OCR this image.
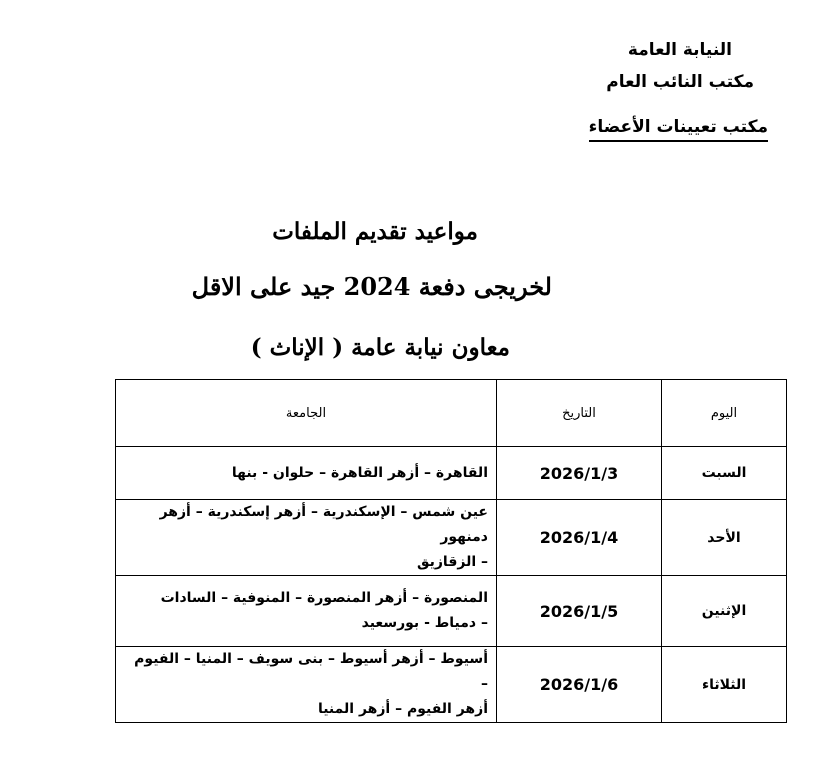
النيابة العامة
مكتب النائب العام
مكتب تعيينات الأعضاء
مواعيد تقديم الملفات
لخريجى دفعة 2024 جيد على الاقل
معاون نيابة عامة ( الإناث )
اليوم	التاريخ	الجامعة
السبت	2026/1/3	القاهرة – أزهر القاهرة – حلوان - بنها

الأحد	2026/1/4	عين شمس – الإسكندرية – أزهر إسكندرية – أزهر دمنهور
– الزقازيق

الإثنين	2026/1/5	المنصورة – أزهر المنصورة – المنوفية – السادات
– دمياط - بورسعيد

الثلاثاء	2026/1/6	أسيوط – أزهر أسيوط – بنى سويف – المنيا – الفيوم –
أزهر الفيوم – أزهر المنيا
